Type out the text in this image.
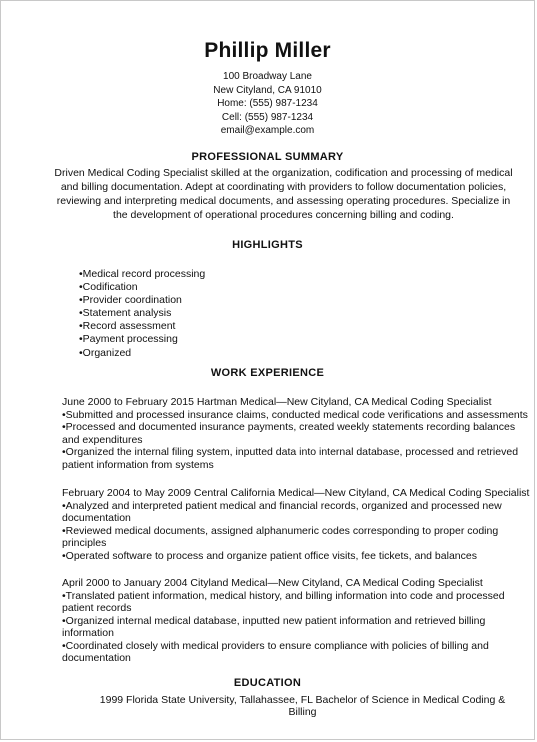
Phillip Miller
100 Broadway Lane
New Cityland, CA 91010
Home: (555) 987-1234
Cell: (555) 987-1234
email@example.com
PROFESSIONAL SUMMARY
Driven Medical Coding Specialist skilled at the organization, codification and processing of medical
and billing documentation. Adept at coordinating with providers to follow documentation policies,
reviewing and interpreting medical documents, and assessing operating procedures. Specialize in
the development of operational procedures concerning billing and coding.
HIGHLIGHTS
•Medical record processing
•Codification
•Provider coordination
•Statement analysis
•Record assessment
•Payment processing
•Organized
WORK EXPERIENCE
June 2000 to February 2015 Hartman Medical—New Cityland, CA Medical Coding Specialist
•Submitted and processed insurance claims, conducted medical code verifications and assessments
•Processed and documented insurance payments, created weekly statements recording balances
and expenditures
•Organized the internal filing system, inputted data into internal database, processed and retrieved
patient information from systems
February 2004 to May 2009 Central California Medical—New Cityland, CA Medical Coding Specialist
•Analyzed and interpreted patient medical and financial records, organized and processed new
documentation
•Reviewed medical documents, assigned alphanumeric codes corresponding to proper coding
principles
•Operated software to process and organize patient office visits, fee tickets, and balances
April 2000 to January 2004 Cityland Medical—New Cityland, CA Medical Coding Specialist
•Translated patient information, medical history, and billing information into code and processed
patient records
•Organized internal medical database, inputted new patient information and retrieved billing
information
•Coordinated closely with medical providers to ensure compliance with policies of billing and
documentation
EDUCATION
1999 Florida State University, Tallahassee, FL Bachelor of Science in Medical Coding & Billing
